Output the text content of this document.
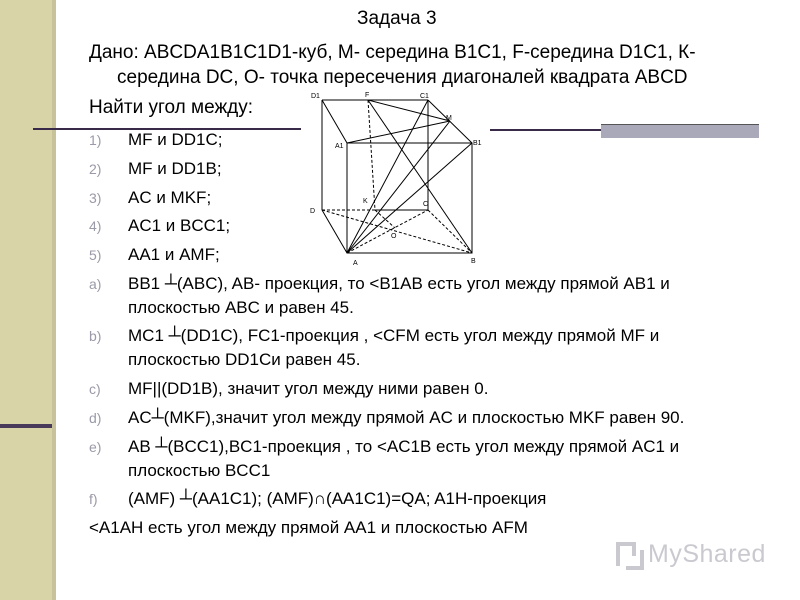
Задача 3
Дано: ABCDA1B1C1D1-куб, M- середина B1C1, F-середина D1C1, К-
середина DC, O- точка пересечения диагоналей квадрата ABCD
Найти угол между:
1) MF и DD1C;
2) MF и DD1B;
3) AC и MKF;
4) AC1 и BCC1;
5) AA1 и AMF;
a) BB1 ┴(ABC), AB- проекция, то <B1AB есть угол между прямой AB1 и
плоскостью ABC и равен 45.
b) MC1 ┴(DD1C), FC1-проекция , <CFM есть угол между прямой MF и
плоскостью DD1Cи равен 45.
c) MF||(DD1B), значит угол между ними равен 0.
d) AC┴(MKF),значит угол между прямой AC и плоскостью MKF равен 90.
e) AB ┴(BCC1),BC1-проекция , то <AC1B есть угол между прямой AC1 и
плоскостью BCC1
f) (AMF) ┴(AA1C1); (AMF)∩(AA1C1)=QA; A1H-проекция
<A1AH есть угол между прямой AA1 и плоскостью AFM
D1	F	C1
M
A1	B1
D
K	C
O
A	B
MyShared
